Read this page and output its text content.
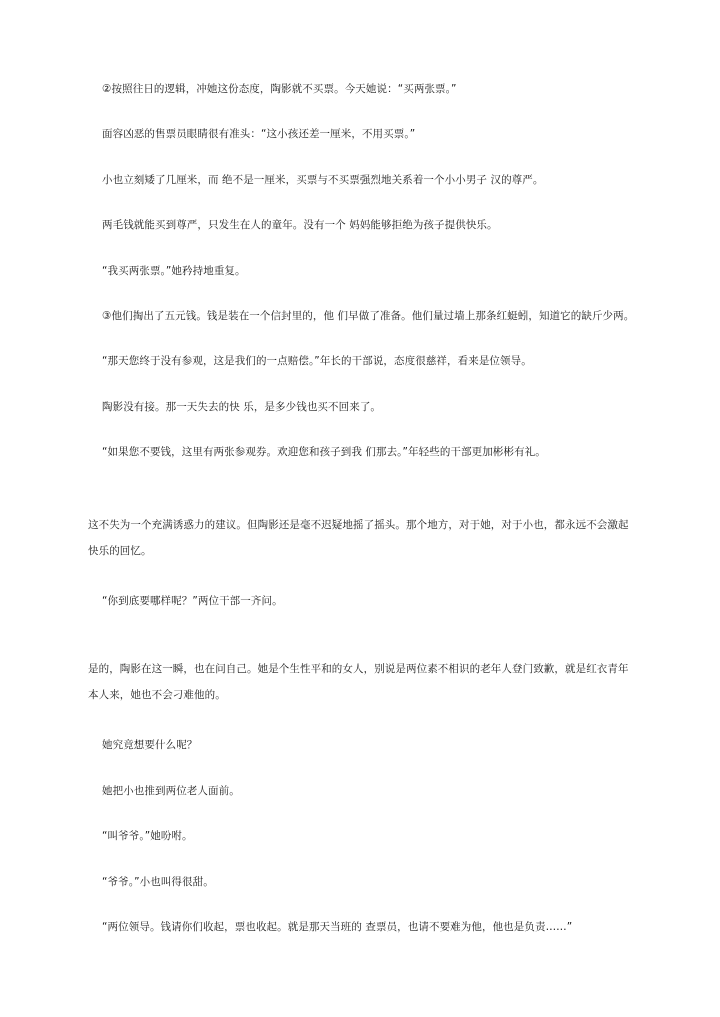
②按照往日的逻辑，冲她这份态度，陶影就不买票。今天她说：“买两张票。”
面容凶恶的售票员眼睛很有准头：“这小孩还差一厘米，不用买票。”
小也立刻矮了几厘米，而 绝不是一厘米，买票与不买票强烈地关系着一个小小男子 汉的尊严。
两毛钱就能买到尊严，只发生在人的童年。没有一个 妈妈能够拒绝为孩子提供快乐。
“我买两张票。”她矜持地重复。
③他们掏出了五元钱。钱是装在一个信封里的，他 们早做了准备。他们量过墙上那条红蜓蚓，知道它的缺斤少两。
“那天您终于没有参观，这是我们的一点赔偿。”年长的干部说，态度很慈祥，看来是位领导。
陶影没有接。那一天失去的快 乐，是多少钱也买不回来了。
“如果您不要钱，这里有两张参观券。欢迎您和孩子到我 们那去。”年轻些的干部更加彬彬有礼。
这不失为一个充满诱惑力的建议。但陶影还是毫不迟疑地摇了摇头。那个地方，对于她，对于小也，都永远不会激起快乐的回忆。
“你到底要哪样呢？”两位干部一齐问。
是的，陶影在这一瞬，也在问自己。她是个生性平和的女人，别说是两位素不相识的老年人登门致歉，就是红衣青年本人来，她也不会刁难他的。
她究竟想要什么呢？
她把小也推到两位老人面前。
“叫爷爷。”她吩咐。
“爷爷。”小也叫得很甜。
“两位领导。钱请你们收起，票也收起。就是那天当班的 查票员，也请不要难为他，他也是负责……”
